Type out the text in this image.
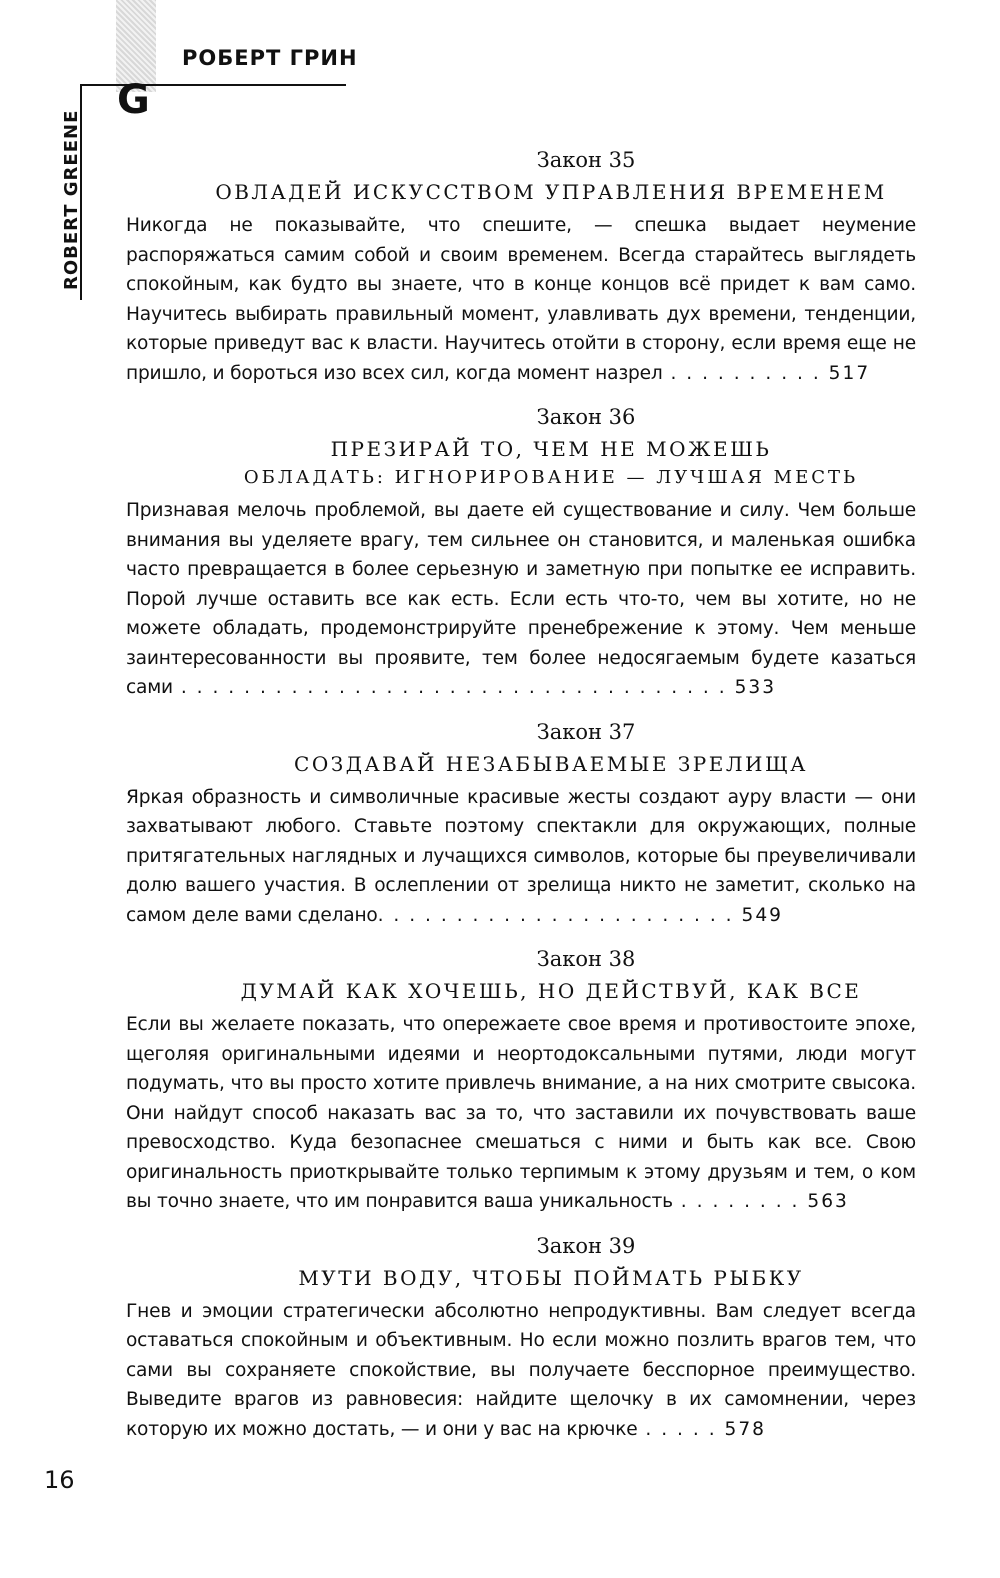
РОБЕРТ ГРИН
G
ROBERT GREENE	Закон 35

ОВЛАДЕЙ ИСКУССТВОМ УПРАВЛЕНИЯ ВРЕМЕНЕМ

Никогда не показывайте, что спешите, — спешка выдает неумение распоряжаться самим собой и своим временем. Всегда старайтесь выглядеть спокойным, как будто вы знаете, что в конце концов всё придет к вам само. Научитесь выбирать правильный момент, улавливать дух времени, тенденции, которые приведут вас к власти. Научитесь отойти в сторону, если время еще не пришло, и бороться изо всех сил, когда момент назрел . . . . . . . . . . 517

Закон 36

ПРЕЗИРАЙ ТО, ЧЕМ НЕ МОЖЕШЬ
ОБЛАДАТЬ: ИГНОРИРОВАНИЕ — ЛУЧШАЯ МЕСТЬ

Признавая мелочь проблемой, вы даете ей существование и силу. Чем больше внимания вы уделяете врагу, тем сильнее он становится, и маленькая ошибка часто превращается в более серьезную и заметную при попытке ее исправить. Порой лучше оставить все как есть. Если есть что-то, чем вы хотите, но не можете обладать, продемонстрируйте пренебрежение к этому. Чем меньше заинтересованности вы проявите, тем более недосягаемым будете казаться сами . . . . . . . . . . . . . . . . . . . . . . . . . . . . . . . . . . . 533

Закон 37

СОЗДАВАЙ НЕЗАБЫВАЕМЫЕ ЗРЕЛИЩА

Яркая образность и символичные красивые жесты создают ауру власти — они захватывают любого. Ставьте поэтому спектакли для окружающих, полные притягательных наглядных и лучащихся символов, которые бы преувеличивали долю вашего участия. В ослеплении от зрелища никто не заметит, сколько на самом деле вами сделано. . . . . . . . . . . . . . . . . . . . . . . 549

Закон 38

ДУМАЙ КАК ХОЧЕШЬ, НО ДЕЙСТВУЙ, КАК ВСЕ

Если вы желаете показать, что опережаете свое время и противостоите эпохе, щеголяя оригинальными идеями и неортодоксальными путями, люди могут подумать, что вы просто хотите привлечь внимание, а на них смотрите свысока. Они найдут способ наказать вас за то, что заставили их почувствовать ваше превосходство. Куда безопаснее смешаться с ними и быть как все. Свою оригинальность приоткрывайте только терпимым к этому друзьям и тем, о ком вы точно знаете, что им понравится ваша уникальность . . . . . . . . 563

Закон 39

МУТИ ВОДУ, ЧТОБЫ ПОЙМАТЬ РЫБКУ

Гнев и эмоции стратегически абсолютно непродуктивны. Вам следует всегда оставаться спокойным и объективным. Но если можно позлить врагов тем, что сами вы сохраняете спокойствие, вы получаете бесспорное преимущество. Выведите врагов из равновесия: найдите щелочку в их самомнении, через которую их можно достать, — и они у вас на крючке . . . . . 578

16
